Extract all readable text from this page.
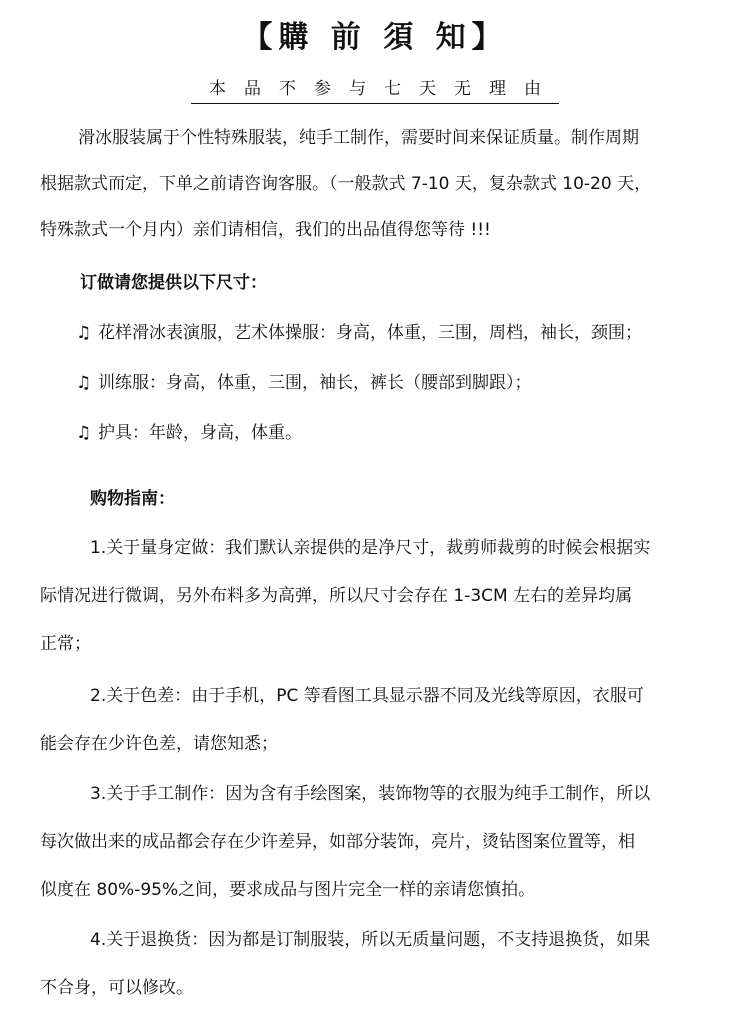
【購 前 須 知】
本品不参与七天无理由
滑冰服装属于个性特殊服装，纯手工制作，需要时间来保证质量。制作周期
根据款式而定，下单之前请咨询客服。（一般款式 7-10 天，复杂款式 10-20 天，
特殊款式一个月内）亲们请相信，我们的出品值得您等待 !!!
订做请您提供以下尺寸：
♫ 花样滑冰表演服，艺术体操服：身高，体重，三围，周档，袖长，颈围；
♫ 训练服：身高，体重，三围，袖长，裤长（腰部到脚跟）；
♫ 护具：年龄，身高，体重。
购物指南：
1.关于量身定做：我们默认亲提供的是净尺寸，裁剪师裁剪的时候会根据实
际情况进行微调，另外布料多为高弹，所以尺寸会存在 1-3CM 左右的差异均属
正常；
2.关于色差：由于手机，PC 等看图工具显示器不同及光线等原因，衣服可
能会存在少许色差，请您知悉；
3.关于手工制作：因为含有手绘图案，装饰物等的衣服为纯手工制作，所以
每次做出来的成品都会存在少许差异，如部分装饰，亮片，烫钻图案位置等，相
似度在 80%-95%之间，要求成品与图片完全一样的亲请您慎拍。
4.关于退换货：因为都是订制服装，所以无质量问题，不支持退换货，如果
不合身，可以修改。
